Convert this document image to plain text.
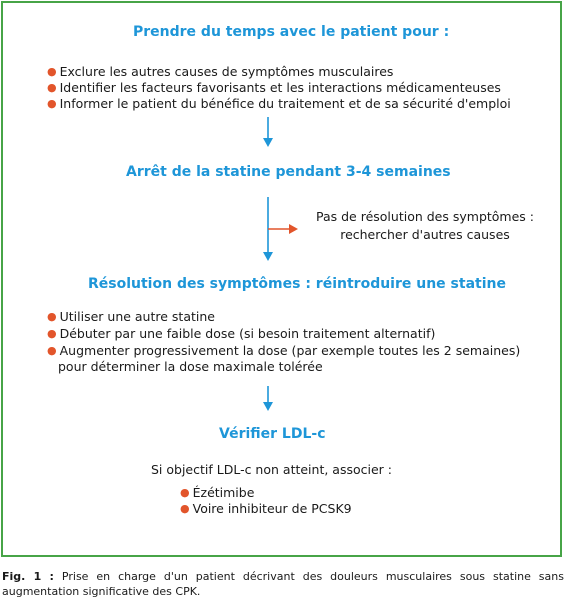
Prendre du temps avec le patient pour :
● Exclure les autres causes de symptômes musculaires
● Identifier les facteurs favorisants et les interactions médicamenteuses
● Informer le patient du bénéfice du traitement et de sa sécurité d'emploi
Arrêt de la statine pendant 3-4 semaines
Pas de résolution des symptômes :
rechercher d'autres causes
Résolution des symptômes : réintroduire une statine
● Utiliser une autre statine
● Débuter par une faible dose (si besoin traitement alternatif)
● Augmenter progressivement la dose (par exemple toutes les 2 semaines)
pour déterminer la dose maximale tolérée
Vérifier LDL-c
Si objectif LDL-c non atteint, associer :
● Ézétimibe
● Voire inhibiteur de PCSK9
Fig. 1 : Prise en charge d'un patient décrivant des douleurs musculaires sous statine sans augmentation significative des CPK.
